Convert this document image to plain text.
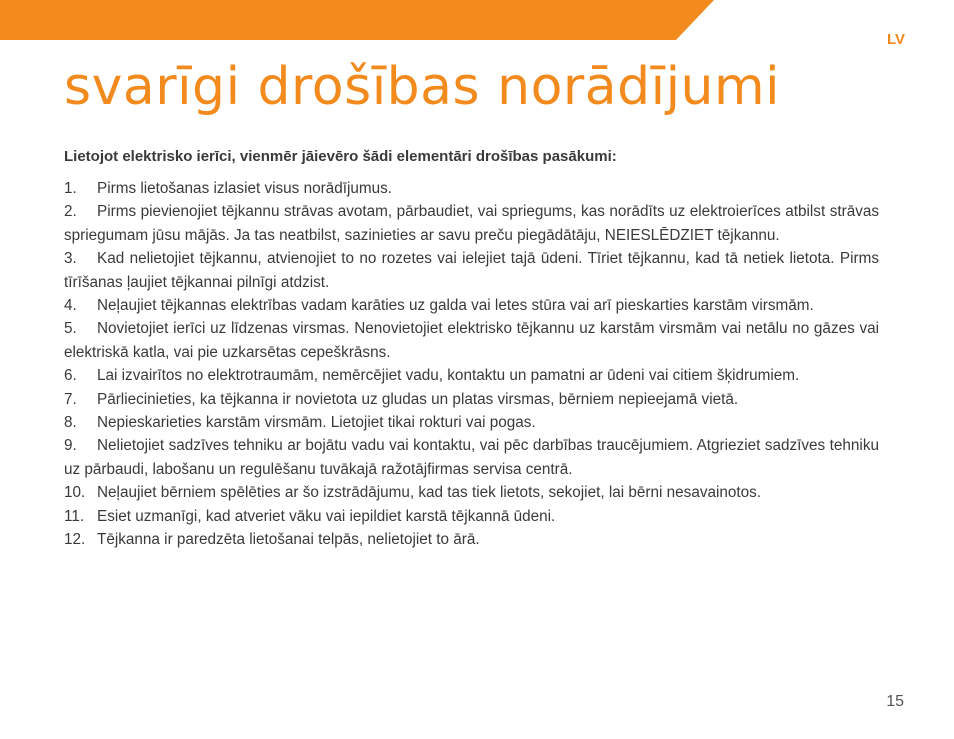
LV
svarīgi drošības norādījumi

Lietojot elektrisko ierīci, vienmēr jāievēro šādi elementāri drošības pasākumi:

1. Pirms lietošanas izlasiet visus norādījumus.
2. Pirms pievienojiet tējkannu strāvas avotam, pārbaudiet, vai spriegums, kas norādīts uz elektroierīces atbilst strāvas spriegumam jūsu mājās. Ja tas neatbilst, sazinieties ar savu preču piegādātāju, NEIESLĒDZIET tējkannu.
3. Kad nelietojiet tējkannu, atvienojiet to no rozetes vai ielejiet tajā ūdeni. Tīriet tējkannu, kad tā netiek lietota. Pirms tīrīšanas ļaujiet tējkannai pilnīgi atdzist.
4. Neļaujiet tējkannas elektrības vadam karāties uz galda vai letes stūra vai arī pieskarties karstām virsmām.
5. Novietojiet ierīci uz līdzenas virsmas. Nenovietojiet elektrisko tējkannu uz karstām virsmām vai netālu no gāzes vai elektriskā katla, vai pie uzkarsētas cepeškrāsns.
6. Lai izvairītos no elektrotraumām, nemērcējiet vadu, kontaktu un pamatni ar ūdeni vai citiem šķidrumiem.
7. Pārliecinieties, ka tējkanna ir novietota uz gludas un platas virsmas, bērniem nepieejamā vietā.
8. Nepieskarieties karstām virsmām. Lietojiet tikai rokturi vai pogas.
9. Nelietojiet sadzīves tehniku ar bojātu vadu vai kontaktu, vai pēc darbības traucējumiem. Atgrieziet sadzīves tehniku uz pārbaudi, labošanu un regulēšanu tuvākajā ražotājfirmas servisa centrā.
10. Neļaujiet bērniem spēlēties ar šo izstrādājumu, kad tas tiek lietots, sekojiet, lai bērni nesavainotos.
11. Esiet uzmanīgi, kad atveriet vāku vai iepildiet karstā tējkannā ūdeni.
12. Tējkanna ir paredzēta lietošanai telpās, nelietojiet to ārā.
15
